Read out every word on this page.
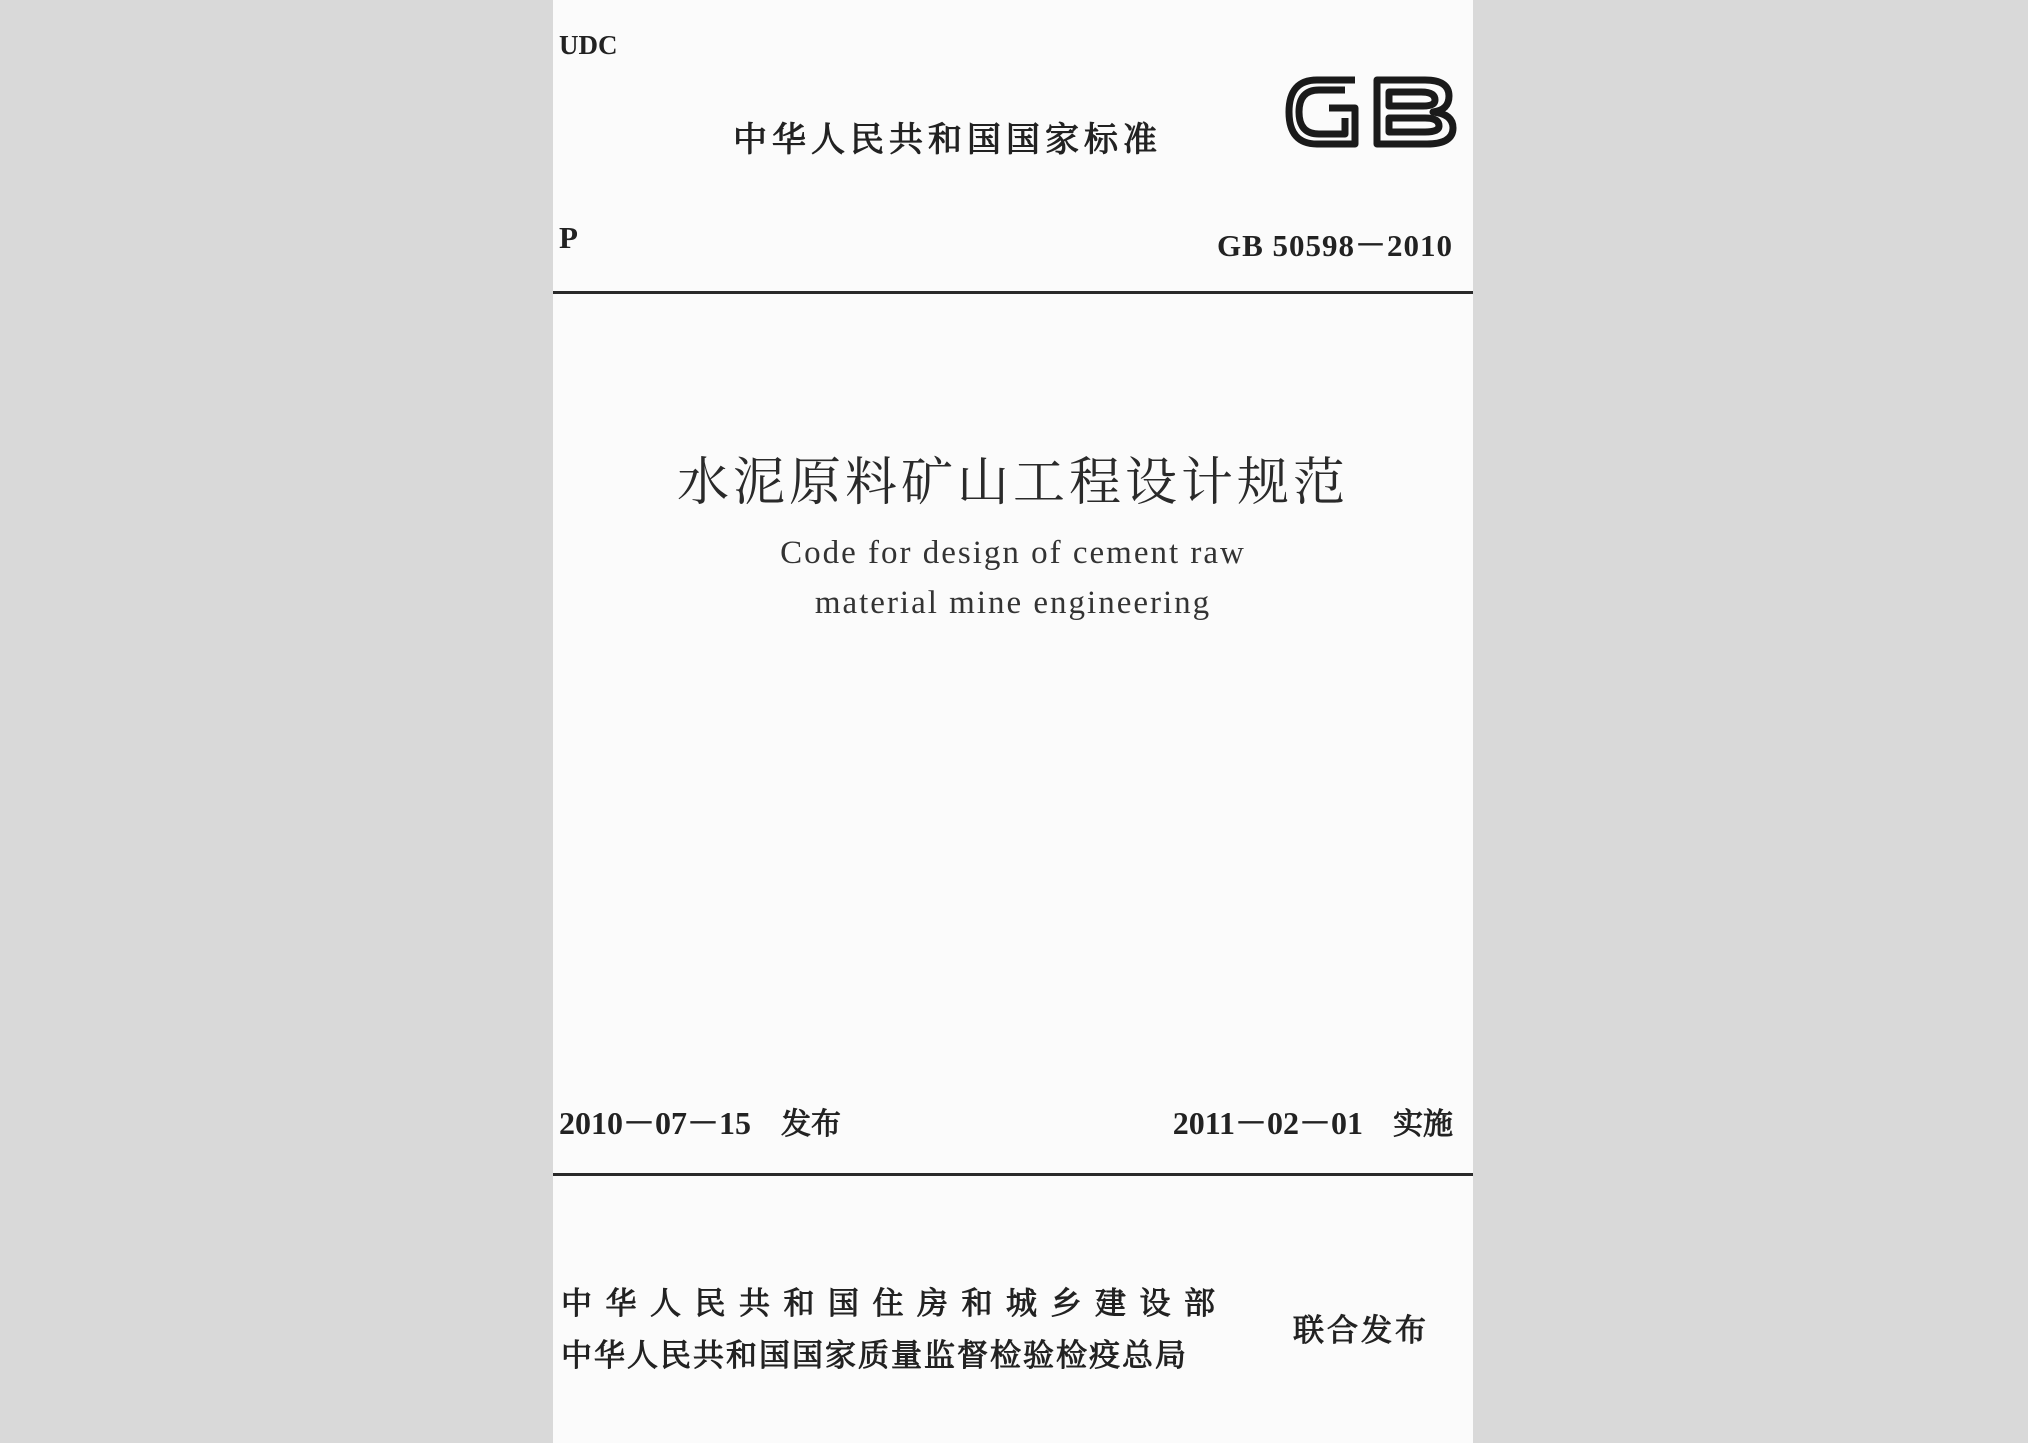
UDC
中华人民共和国国家标准
P	GB 50598－2010
水泥原料矿山工程设计规范
Code for design of cement raw
material mine engineering
2010－07－15 发布	2011－02－01 实施
中华人民共和国住房和城乡建设部
中华人民共和国国家质量监督检验检疫总局
联合发布
